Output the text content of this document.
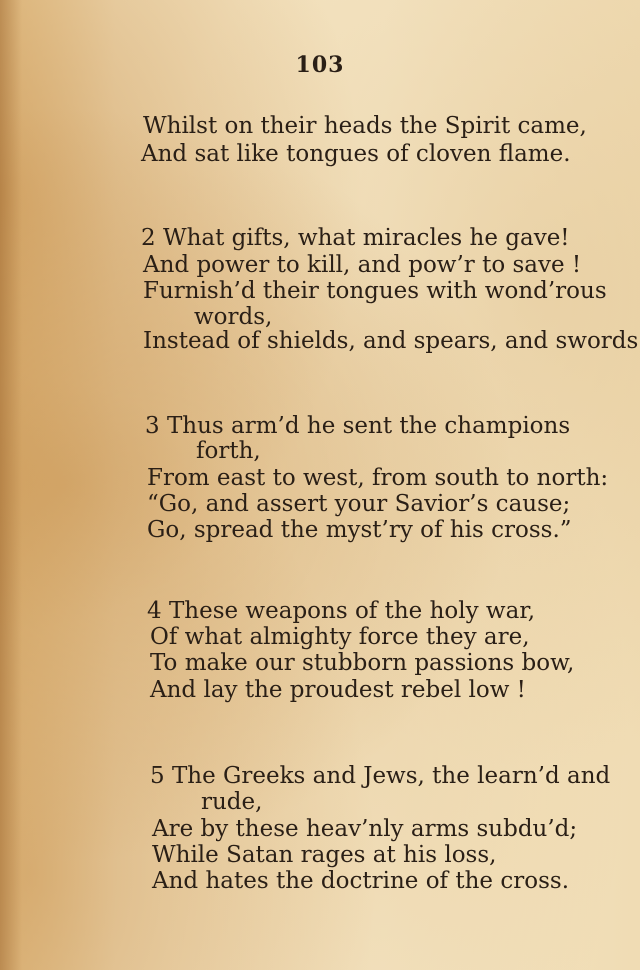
103
Whilst on their heads the Spirit came,
And sat like tongues of cloven flame.
2 What gifts, what miracles he gave!
And power to kill, and pow’r to save !
Furnish’d their tongues with wond’rous
words,
Instead of shields, and spears, and swords
3 Thus arm’d he sent the champions
forth,
From east to west, from south to north:
“Go, and assert your Savior’s cause;
Go, spread the myst’ry of his cross.”
4 These weapons of the holy war,
Of what almighty force they are,
To make our stubborn passions bow,
And lay the proudest rebel low !
5 The Greeks and Jews, the learn’d and
rude,
Are by these heav’nly arms subdu’d;
While Satan rages at his loss,
And hates the doctrine of the cross.
